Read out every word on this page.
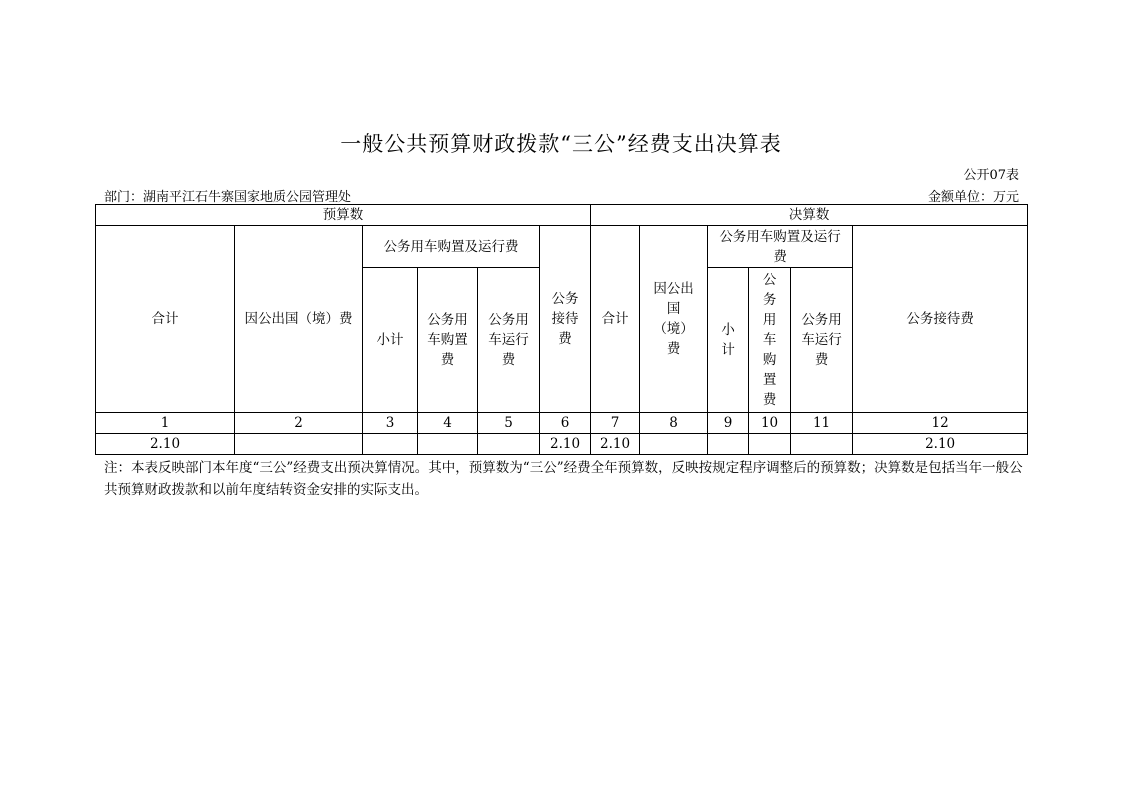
一般公共预算财政拨款“三公”经费支出决算表
公开07表
部门：湖南平江石牛寨国家地质公园管理处	金额单位：万元
预算数						决算数					
合计	因公出国（境）费	公务用车购置及运行费			公务接待费	合计	因公出国（境）费	公务用车购置及运行费			公务接待费
		小计	公务用车购置费	公务用车运行费				小计	公务用车购置费	公务用车运行费	
1	2	3	4	5	6	7	8	9	10	11	12
2.10					2.10	2.10					2.10
注：本表反映部门本年度“三公”经费支出预决算情况。其中，预算数为“三公”经费全年预算数，反映按规定程序调整后的预算数；决算数是包括当年一般公共预算财政拨款和以前年度结转资金安排的实际支出。
